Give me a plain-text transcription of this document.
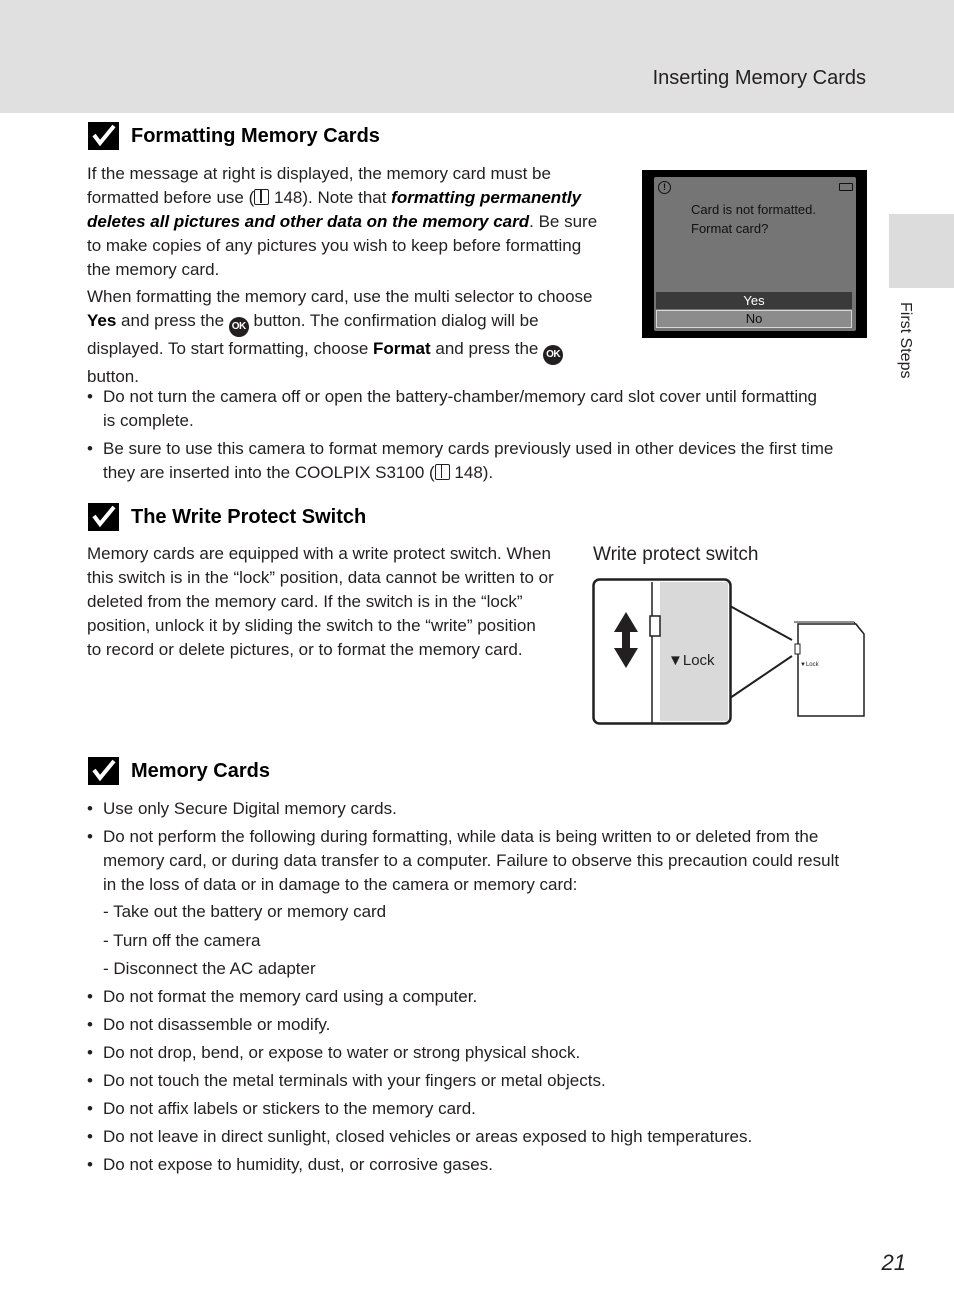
Inserting Memory Cards
First Steps
Formatting Memory Cards
If the message at right is displayed, the memory card must be
formatted before use ( 148). Note that formatting permanently
deletes all pictures and other data on the memory card. Be sure
to make copies of any pictures you wish to keep before formatting
the memory card.
When formatting the memory card, use the multi selector to choose
Yes and press the OK button. The confirmation dialog will be
displayed. To start formatting, choose Format and press the OK
button.
• Do not turn the camera off or open the battery-chamber/memory card slot cover until formatting
is complete.
• Be sure to use this camera to format memory cards previously used in other devices the first time
they are inserted into the COOLPIX S3100 ( 148).
!
Card is not formatted.
Format card?
Yes
No
The Write Protect Switch
Memory cards are equipped with a write protect switch. When
this switch is in the “lock” position, data cannot be written to or
deleted from the memory card. If the switch is in the “lock”
position, unlock it by sliding the switch to the “write” position
to record or delete pictures, or to format the memory card.
Write protect switch
▼Lock	▼Lock
Memory Cards
• Use only Secure Digital memory cards.
• Do not perform the following during formatting, while data is being written to or deleted from the
memory card, or during data transfer to a computer. Failure to observe this precaution could result
in the loss of data or in damage to the camera or memory card:
- Take out the battery or memory card
- Turn off the camera
- Disconnect the AC adapter
• Do not format the memory card using a computer.
• Do not disassemble or modify.
• Do not drop, bend, or expose to water or strong physical shock.
• Do not touch the metal terminals with your fingers or metal objects.
• Do not affix labels or stickers to the memory card.
• Do not leave in direct sunlight, closed vehicles or areas exposed to high temperatures.
• Do not expose to humidity, dust, or corrosive gases.
21
